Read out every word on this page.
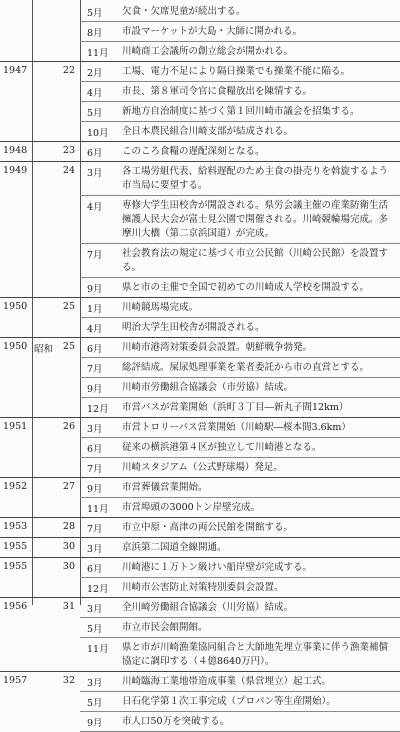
5月	欠食・欠席児童が続出する。
8月	市設マーケットが大島・大師に開かれる。
11月	川崎商工会議所の創立総会が開かれる。
1947	22 2月	工場、電力不足により隔日操業でも操業不能に陥る。
4月	市長、第８軍司令官に食糧放出を陳情する。
5月	新地方自治制度に基づく第１回川崎市議会を招集する。
10月	全日本農民組合川崎支部が結成される。
1948	23 6月	このころ食糧の遅配深刻となる。
1949	24 3月	各工場労組代表、給料遅配のため主食の掛売りを斡旋するよう市当局に要望する。
4月	専修大学生田校舎が開設される。県労会議主催の産業防衛生活擁護人民大会が富士見公園で開催される。川崎競輪場完成。多摩川大橋（第二京浜国道）が完成。
7月	社会教育法の規定に基づく市立公民館（川崎公民館）を設置する。
9月	県と市の主催で全国で初めての川崎成人学校を開設する。
1950	25 1月	川崎競馬場完成。
4月	明治大学生田校舎が開設される。
1950 昭和	25 6月	川崎市港湾対策委員会設置。朝鮮戦争勃発。
7月	総評結成。屎尿処理事業を業者委託から市の直営とする。
9月	川崎市労働組合協議会（市労協）結成。
12月	市営バスが営業開始（浜町３丁目―新丸子間12km）
1951	26 3月	市営トロリーバス営業開始（川崎駅―桜本間3.6km）
6月	従来の横浜港第４区が独立して川崎港となる。
7月	川崎スタジアム（公式野球場）発足。
1952	27 9月	市営葬儀営業開始。
11月	市営埠頭の3000トン岸壁完成。
1953	28 7月	市立中原・高津の両公民館を開館する。
1955	30 3月	京浜第二国道全線開通。
1955	30 6月	川崎港に１万トン級けい船岸壁が完成する。
12月	川崎市公害防止対策特別委員会設置。
1956	31 3月	全川崎労働組合協議会（川労協）結成。
5月	市立市民会館開館。
11月	県と市が川崎漁業協同組合と大師地先埋立事業に伴う漁業補償協定に調印する（４億8640万円）。
1957	32 3月	川崎臨海工業地帯造成事業（県営埋立）起工式。
5月	日石化学第１次工事完成（プロパン等生産開始）。
9月	市人口50万を突破する。
